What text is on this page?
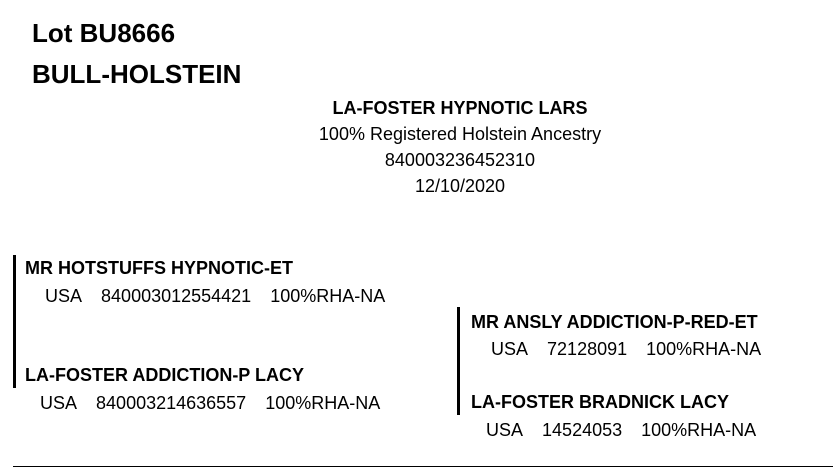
Lot BU8666
BULL-HOLSTEIN
LA-FOSTER HYPNOTIC LARS
100% Registered Holstein Ancestry
840003236452310
12/10/2020
MR HOTSTUFFS HYPNOTIC-ET
USA 840003012554421 100%RHA-NA
LA-FOSTER ADDICTION-P LACY
USA 840003214636557 100%RHA-NA
MR ANSLY ADDICTION-P-RED-ET
USA 72128091 100%RHA-NA
LA-FOSTER BRADNICK LACY
USA 14524053 100%RHA-NA
